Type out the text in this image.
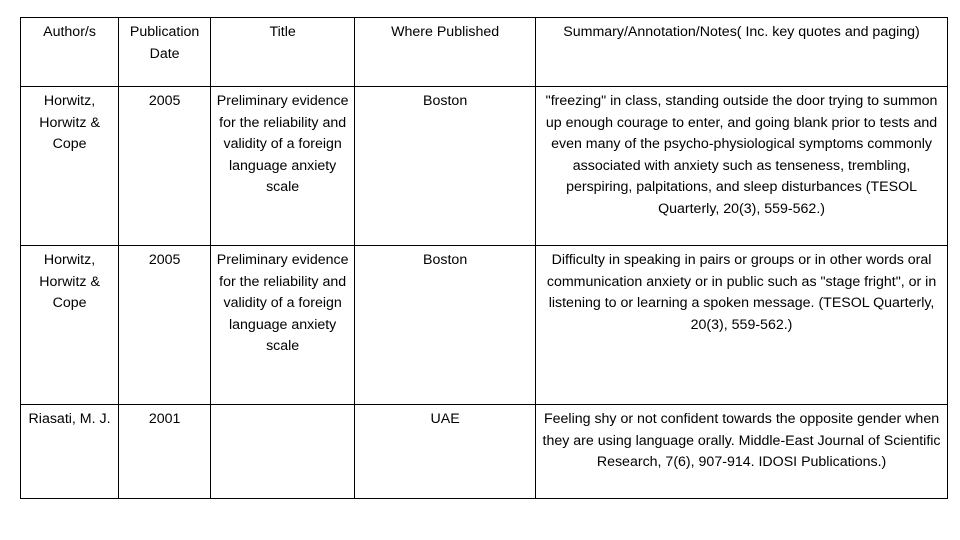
Author/s	Publication Date	Title	Where Published	Summary/Annotation/Notes( Inc. key quotes and paging)
Horwitz, Horwitz & Cope	2005	Preliminary evidence for the reliability and validity of a foreign language anxiety scale	Boston	"freezing" in class, standing outside the door trying to summon up enough courage to enter, and going blank prior to tests and even many of the psycho-physiological symptoms commonly associated with anxiety such as tenseness, trembling, perspiring, palpitations, and sleep disturbances (TESOL Quarterly, 20(3), 559-562.)
Horwitz, Horwitz & Cope	2005	Preliminary evidence for the reliability and validity of a foreign language anxiety scale	Boston	Difficulty in speaking in pairs or groups or in other words oral communication anxiety or in public such as "stage fright", or in listening to or learning a spoken message. (TESOL Quarterly, 20(3), 559-562.)
Riasati, M. J.	2001		UAE	Feeling shy or not confident towards the opposite gender when they are using language orally. Middle-East Journal of Scientific Research, 7(6), 907-914. IDOSI Publications.)
